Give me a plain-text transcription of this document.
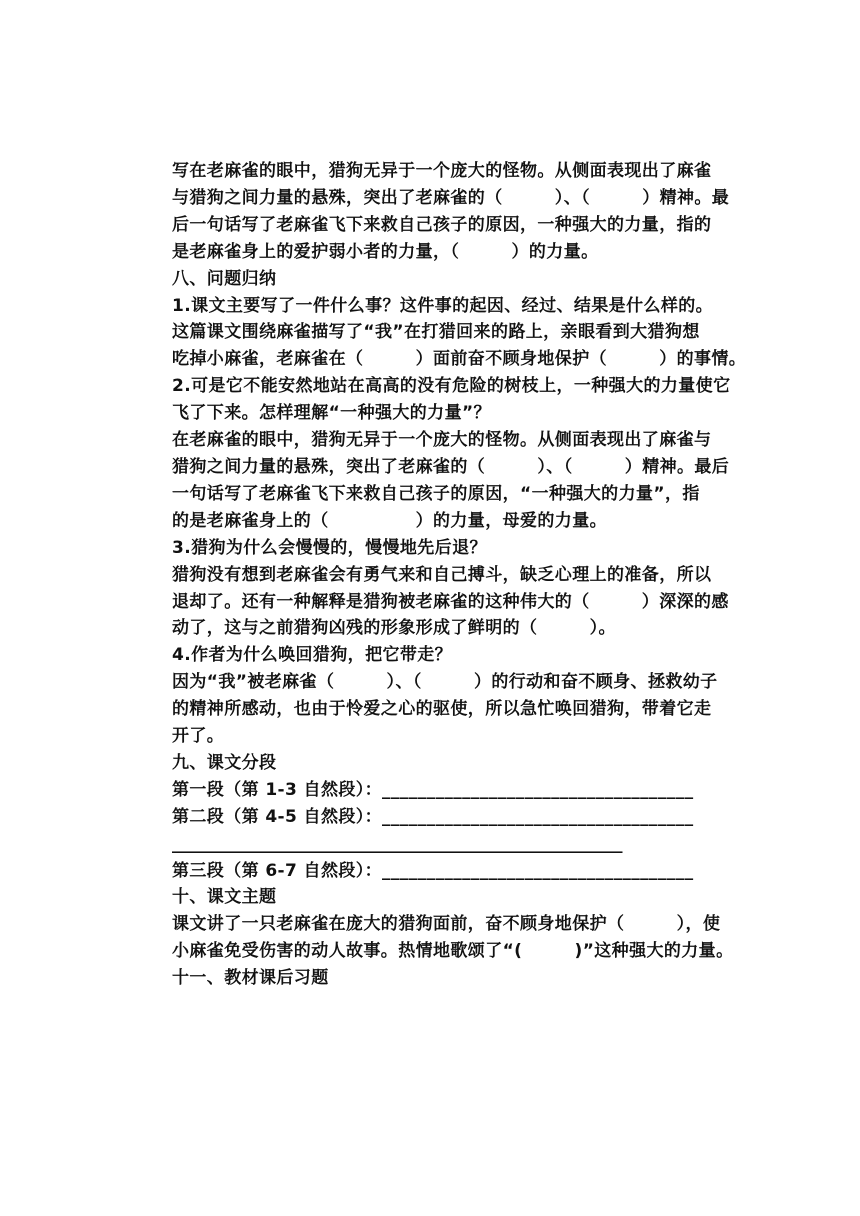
写在老麻雀的眼中，猎狗无异于一个庞大的怪物。从侧面表现出了麻雀
与猎狗之间力量的悬殊，突出了老麻雀的（　　　）、（　　　）精神。最
后一句话写了老麻雀飞下来救自己孩子的原因，一种强大的力量，指的
是老麻雀身上的爱护弱小者的力量，（　　　）的力量。
八、问题归纳
1.课文主要写了一件什么事？这件事的起因、经过、结果是什么样的。
这篇课文围绕麻雀描写了“我”在打猎回来的路上，亲眼看到大猎狗想
吃掉小麻雀，老麻雀在（　　　）面前奋不顾身地保护（　　　）的事情。
2.可是它不能安然地站在高高的没有危险的树枝上，一种强大的力量使它
飞了下来。怎样理解“一种强大的力量”？
在老麻雀的眼中，猎狗无异于一个庞大的怪物。从侧面表现出了麻雀与
猎狗之间力量的悬殊，突出了老麻雀的（　　　）、（　　　）精神。最后
一句话写了老麻雀飞下来救自己孩子的原因，“一种强大的力量”，指
的是老麻雀身上的（　　　　　）的力量，母爱的力量。
3.猎狗为什么会慢慢的，慢慢地先后退？
猎狗没有想到老麻雀会有勇气来和自己搏斗，缺乏心理上的准备，所以
退却了。还有一种解释是猎狗被老麻雀的这种伟大的（　　　）深深的感
动了，这与之前猎狗凶残的形象形成了鲜明的（　　　）。
4.作者为什么唤回猎狗，把它带走？
因为“我”被老麻雀（　　　）、（　　　）的行动和奋不顾身、拯救幼子
的精神所感动，也由于怜爱之心的驱使，所以急忙唤回猎狗，带着它走
开了。
九、课文分段
第一段（第 1-3 自然段）：___________________________________
第二段（第 4-5 自然段）：___________________________________
_____________________________________________________
第三段（第 6-7 自然段）：___________________________________
十、课文主题
课文讲了一只老麻雀在庞大的猎狗面前，奋不顾身地保护（　　　），使
小麻雀免受伤害的动人故事。热情地歌颂了“(　　　)”这种强大的力量。
十一、教材课后习题
